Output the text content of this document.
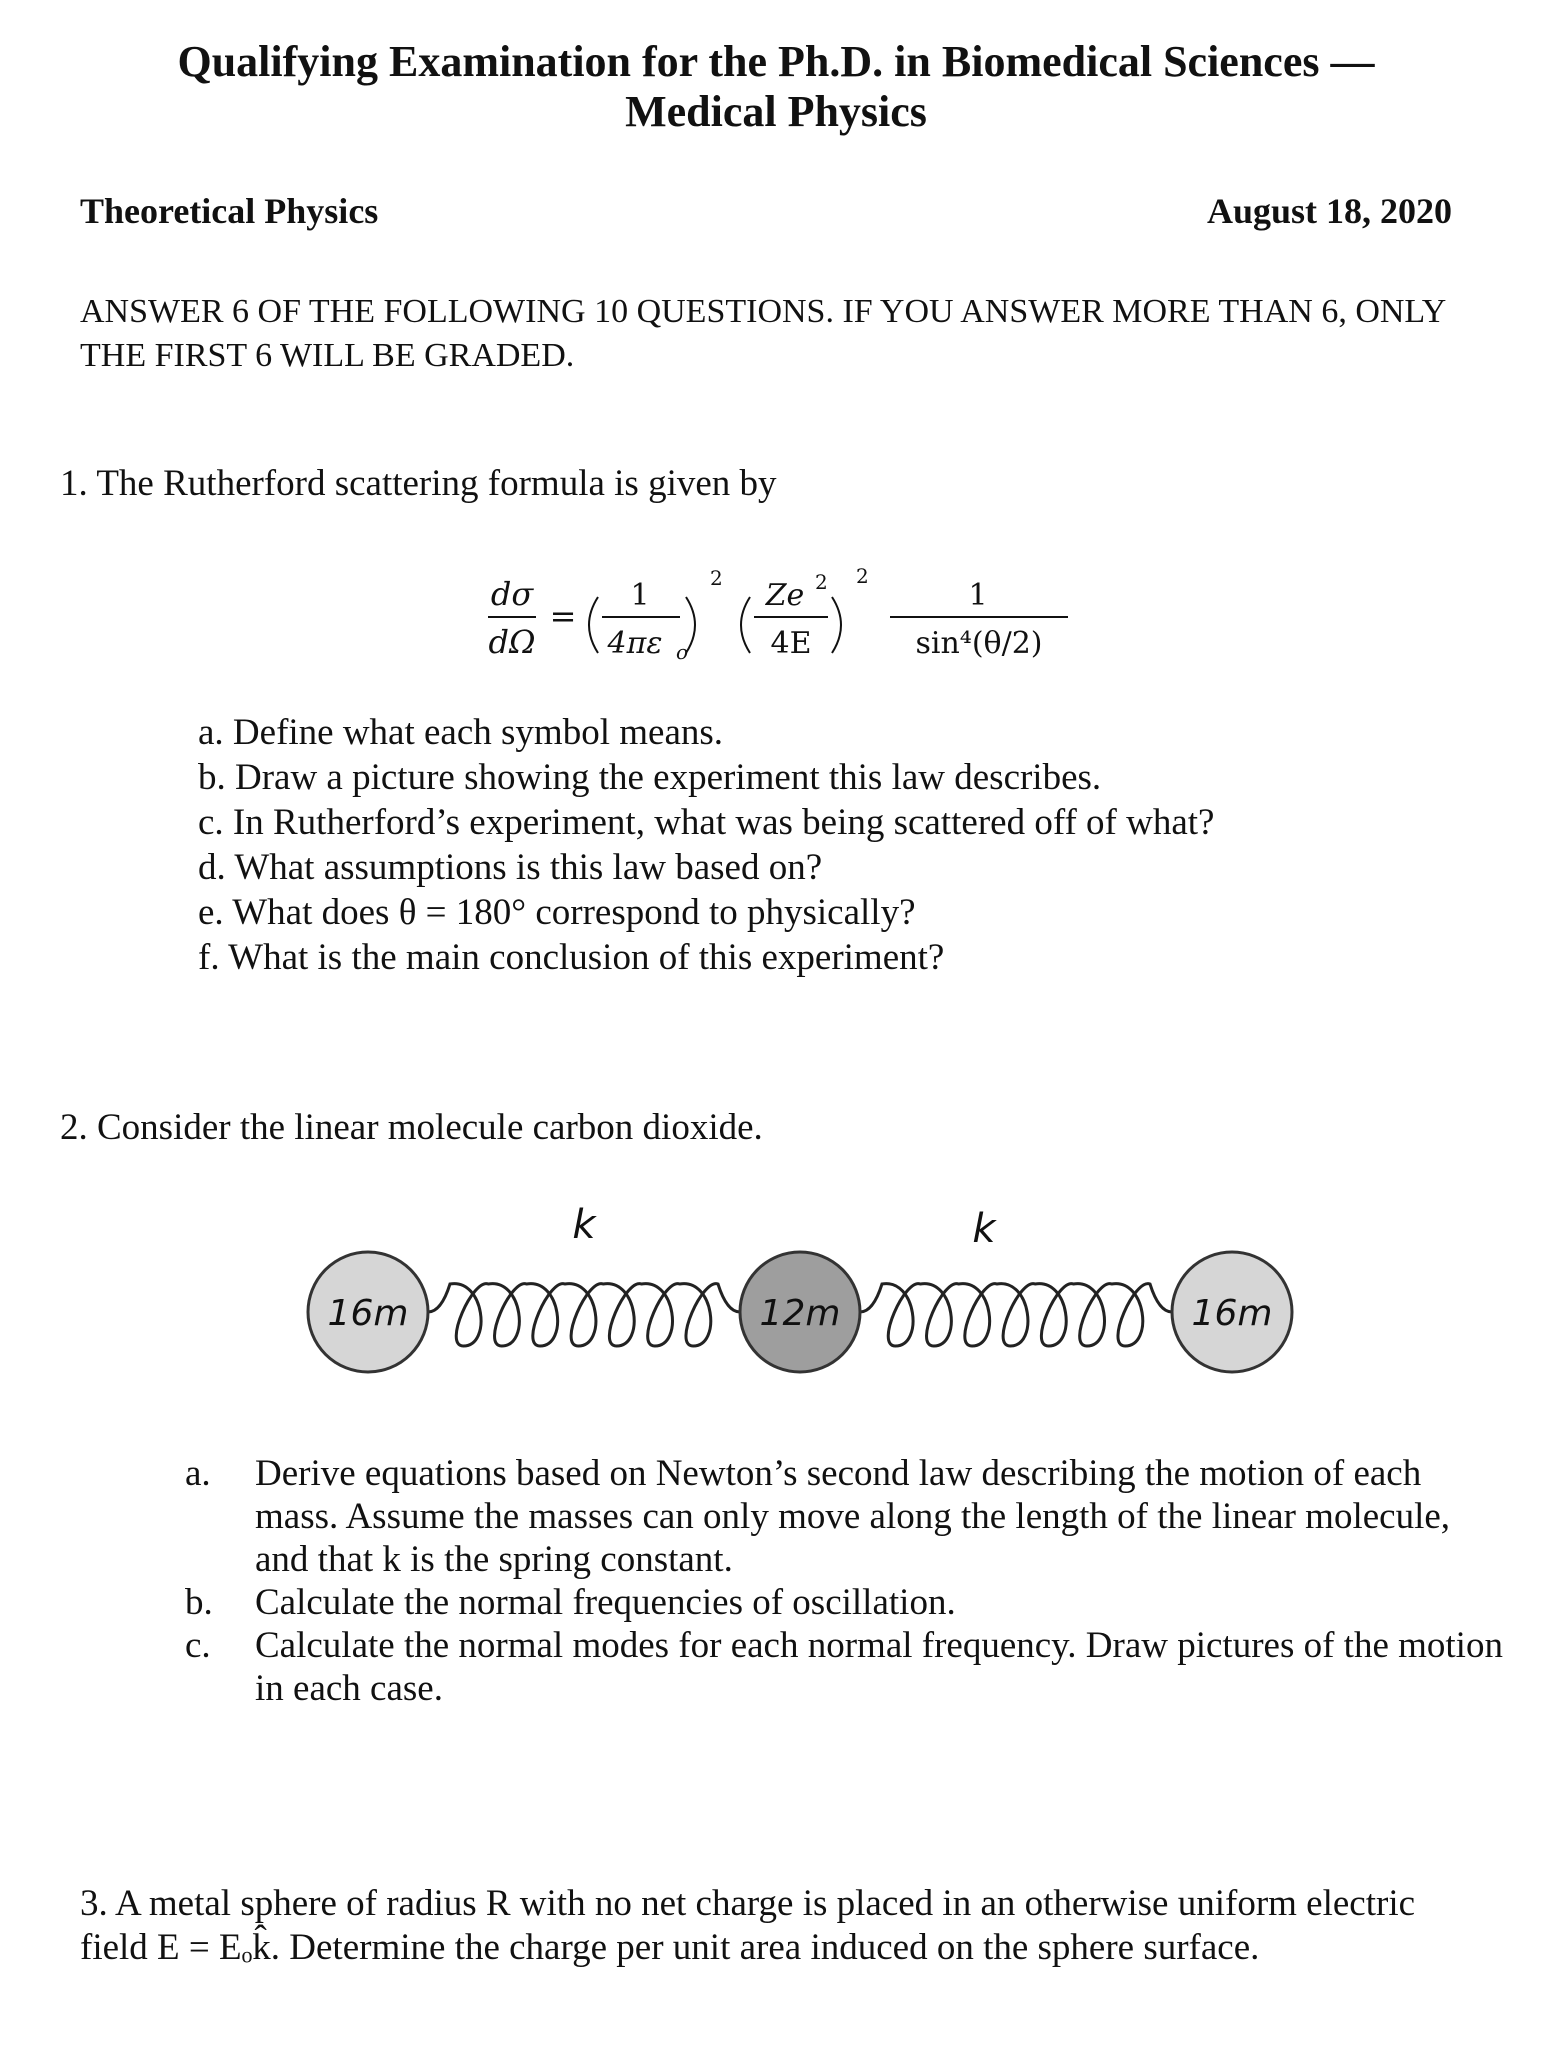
Qualifying Examination for the Ph.D. in Biomedical Sciences —
Medical Physics
Theoretical Physics	August 18, 2020
ANSWER 6 OF THE FOLLOWING 10 QUESTIONS. IF YOU ANSWER MORE THAN 6, ONLY THE FIRST 6 WILL BE GRADED.
1. The Rutherford scattering formula is given by
dσ
dΩ
=
1
4πε o
2 Ze 2
4E
2
1
sin⁴(θ/2)
a. Define what each symbol means.
b. Draw a picture showing the experiment this law describes.
c. In Rutherford’s experiment, what was being scattered off of what?
d. What assumptions is this law based on?
e. What does θ = 180° correspond to physically?
f. What is the main conclusion of this experiment?
2. Consider the linear molecule carbon dioxide.
16m	12m	16m
k	k
a.	Derive equations based on Newton’s second law describing the motion of each mass. Assume the masses can only move along the length of the linear molecule, and that k is the spring constant.
b.	Calculate the normal frequencies of oscillation.
c.	Calculate the normal modes for each normal frequency. Draw pictures of the motion in each case.
3. A metal sphere of radius R with no net charge is placed in an otherwise uniform electric field E = Eₒk̂. Determine the charge per unit area induced on the sphere surface.
